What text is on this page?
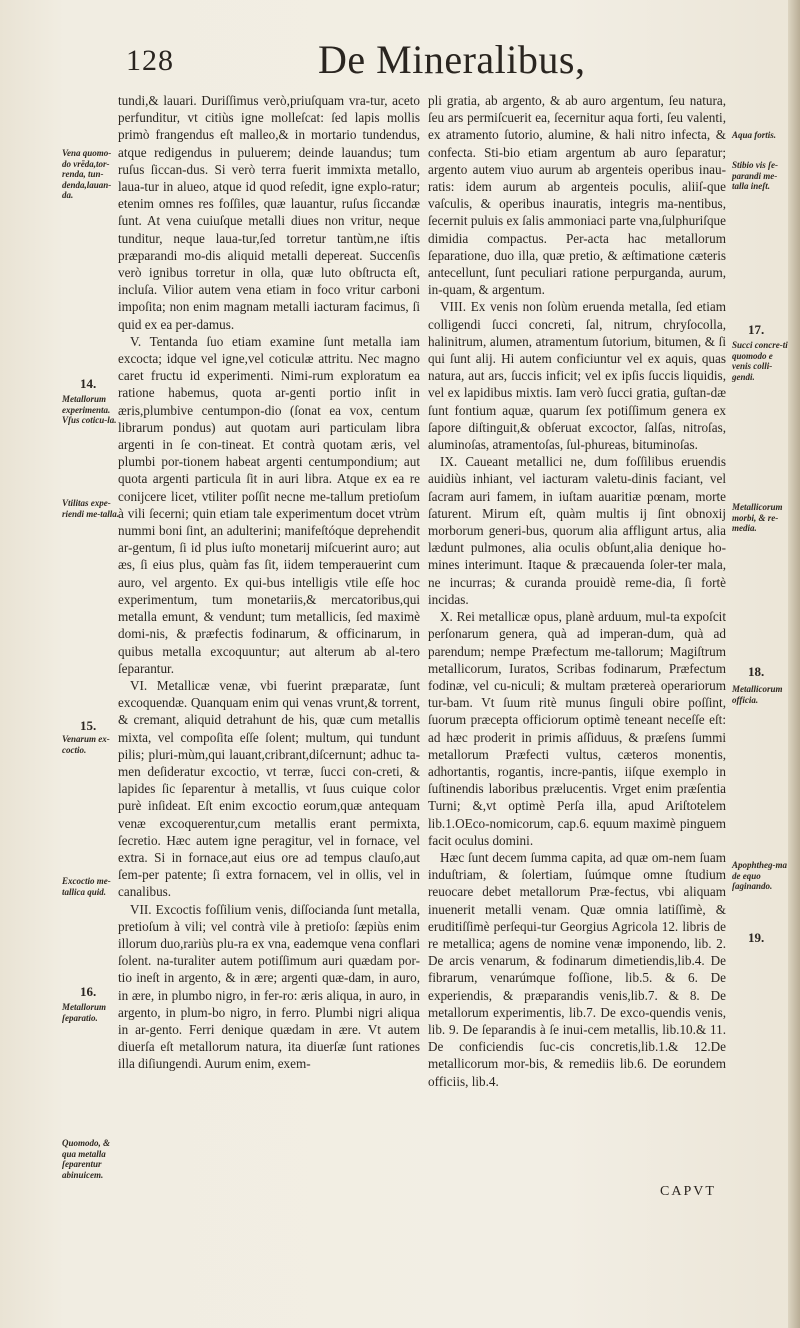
128	De Mineralibus,
Vena quomo-do vrēda,tor-renda, tun-denda,lauan-da.
14.
Metallorum experimenta. Vſus coticu-la.
Vtilitas expe-riendi me-talla.
15.
Venarum ex-coctio.
Excoctio me-tallica quid.
16.
Metallorum ſeparatio.
Quomodo, & qua metalla ſeparentur abinuicem.
Aqua fortis.
Stibio vis ſe-parandi me-talla ineſt.
17.
Succi concre-ti quomodo e venis colli-gendi.
Metallicorum morbi, & re-media.
18.
Metallicorum officia.
Apophtheg-ma de equo ſaginando.
19.

tundi,& lauari. Duriſſimus verò,priuſquam vra-tur, aceto perfunditur, vt citiùs igne molleſcat: ſed lapis mollis primò frangendus eſt malleo,& in mortario tundendus, atque redigendus in puluerem; deinde lauandus; tum ruſus ſiccan-dus. Si verò terra fuerit immixta metallo, laua-tur in alueo, atque id quod reſedit, igne explo-ratur; etenim omnes res foſſiles, quæ lauantur, ruſus ſiccandæ ſunt. At vena cuiuſque metalli diues non vritur, neque tunditur, neque laua-tur,ſed torretur tantùm,ne iſtis præparandi mo-dis aliquid metalli depereat. Succenſis verò ignibus torretur in olla, quæ luto obſtructa eſt, incluſa. Vilior autem vena etiam in foco vritur carboni impoſita; non enim magnam metalli iacturam facimus, ſi quid ex ea per-damus.

V. Tentanda ſuo etiam examine ſunt metalla iam excocta; idque vel igne,vel coticulæ attritu. Nec magno caret fructu id experimenti. Nimi-rum exploratum ea ratione habemus, quota ar-genti portio inſit in æris,plumbive centumpon-dio (ſonat ea vox, centum librarum pondus) aut quotam auri particulam libra argenti in ſe con-tineat. Et contrà quotam æris, vel plumbi por-tionem habeat argenti centumpondium; aut quota argenti particula ſit in auri libra. Atque ex ea re conijcere licet, vtiliter poſſit necne me-tallum pretioſum à vili ſecerni; quin etiam tale experimentum docet vtrùm nummi boni ſint, an adulterini; manifeſtóque deprehendit ar-gentum, ſi id plus iuſto monetarij miſcuerint auro; aut æs, ſi eius plus, quàm fas ſit, iidem temperauerint cum auro, vel argento. Ex qui-bus intelligis vtile eſſe hoc experimentum, tum monetariis,& mercatoribus,qui metalla emunt, & vendunt; tum metallicis, ſed maximè domi-nis, & præfectis fodinarum, & officinarum, in quibus metalla excoquuntur; aut alterum ab al-tero ſeparantur.

VI. Metallicæ venæ, vbi fuerint præparatæ, ſunt excoquendæ. Quanquam enim qui venas vrunt,& torrent, & cremant, aliquid detrahunt de his, quæ cum metallis mixta, vel compoſita eſſe ſolent; multum, qui tundunt pilis; pluri-mùm,qui lauant,cribrant,diſcernunt; adhuc ta-men deſideratur excoctio, vt terræ, ſucci con-creti, & lapides ſic ſeparentur à metallis, vt ſuus cuique color purè inſideat. Eſt enim excoctio eorum,quæ antequam venæ excoquerentur,cum metallis erant permixta, ſecretio. Hæc autem igne peragitur, vel in fornace, vel extra. Si in fornace,aut eius ore ad tempus clauſo,aut ſem-per patente; ſi extra fornacem, vel in ollis, vel in canalibus.

VII. Excoctis foſſilium venis, diſſocianda ſunt metalla, pretioſum à vili; vel contrà vile à pretioſo: ſæpiùs enim illorum duo,rariùs plu-ra ex vna, eademque vena conflari ſolent. na-turaliter autem potiſſimum auri quædam por-tio ineſt in argento, & in ære; argenti quæ-dam, in auro, in ære, in plumbo nigro, in fer-ro: æris aliqua, in auro, in argento, in plum-bo nigro, in ferro. Plumbi nigri aliqua in ar-gento. Ferri denique quædam in ære. Vt autem diuerſa eſt metallorum natura, ita diuerſæ ſunt rationes illa diſiungendi. Aurum enim, exem-

pli gratia, ab argento, & ab auro argentum, ſeu natura, ſeu ars permiſcuerit ea, ſecernitur aqua forti, ſeu valenti, ex atramento ſutorio, alumine, & hali nitro infecta, & confecta. Sti-bio etiam argentum ab auro ſeparatur; argento autem viuo aurum ab argenteis operibus inau-ratis: idem aurum ab argenteis poculis, aliiſ-que vaſculis, & operibus inauratis, integris ma-nentibus, ſecernit puluis ex ſalis ammoniaci parte vna,ſulphuriſque dimidia compactus. Per-acta hac metallorum ſeparatione, duo illa, quæ pretio, & æſtimatione cæteris antecellunt, ſunt peculiari ratione perpurganda, aurum, in-quam, & argentum.

VIII. Ex venis non ſolùm eruenda metalla, ſed etiam colligendi ſucci concreti, ſal, nitrum, chryſocolla, halinitrum, alumen, atramentum ſutorium, bitumen, & ſi qui ſunt alij. Hi autem conficiuntur vel ex aquis, quas natura, aut ars, ſuccis inficit; vel ex ipſis ſuccis liquidis, vel ex lapidibus mixtis. Iam verò ſucci gratia, guſtan-dæ ſunt fontium aquæ, quarum ſex potiſſimum genera ex ſapore diſtinguit,& obſeruat excoctor, ſalſas, nitroſas, aluminoſas, atramentoſas, ſul-phureas, bituminoſas.

IX. Caueant metallici ne, dum foſſilibus eruendis auidiùs inhiant, vel iacturam valetu-dinis faciant, vel ſacram auri famem, in iuſtam auaritiæ pœnam, morte ſaturent. Mirum eſt, quàm multis ij ſint obnoxij morborum generi-bus, quorum alia affligunt artus, alia lædunt pulmones, alia oculis obſunt,alia denique ho-mines interimunt. Itaque & præcauenda ſoler-ter mala, ne incurras; & curanda prouidè reme-dia, ſi fortè incidas.

X. Rei metallicæ opus, planè arduum, mul-ta expoſcit perſonarum genera, quà ad imperan-dum, quà ad parendum; nempe Præfectum me-tallorum; Magiſtrum metallicorum, Iuratos, Scribas fodinarum, Præfectum fodinæ, vel cu-niculi; & multam prætereà operariorum tur-bam. Vt ſuum ritè munus ſinguli obire poſſint, ſuorum præcepta officiorum optimè teneant neceſſe eſt: ad hæc proderit in primis aſſiduus, & præſens ſummi metallorum Præfecti vultus, cæteros monentis, adhortantis, rogantis, incre-pantis, iiſque exemplo in ſuſtinendis laboribus prælucentis. Vrget enim præſentia Turni; &,vt optimè Perſa illa, apud Ariſtotelem lib.1.OEco-nomicorum, cap.6. equum maximè pinguem facit oculus domini.

Hæc ſunt decem ſumma capita, ad quæ om-nem ſuam induſtriam, & ſolertiam, ſuúmque omne ſtudium reuocare debet metallorum Præ-fectus, vbi aliquam inuenerit metalli venam. Quæ omnia latiſſimè, & eruditiſſimè perſequi-tur Georgius Agricola 12. libris de re metallica; agens de nomine venæ imponendo, lib. 2. De arcis venarum, & fodinarum dimetiendis,lib.4. De fibrarum, venarúmque foſſione, lib.5. & 6. De experiendis, & præparandis venis,lib.7. & 8. De metallorum experimentis, lib.7. De exco-quendis venis, lib. 9. De ſeparandis à ſe inui-cem metallis, lib.10.& 11. De conficiendis ſuc-cis concretis,lib.1.& 12.De metallicorum mor-bis, & remediis lib.6. De eorundem officiis, lib.4.

CAPVT
